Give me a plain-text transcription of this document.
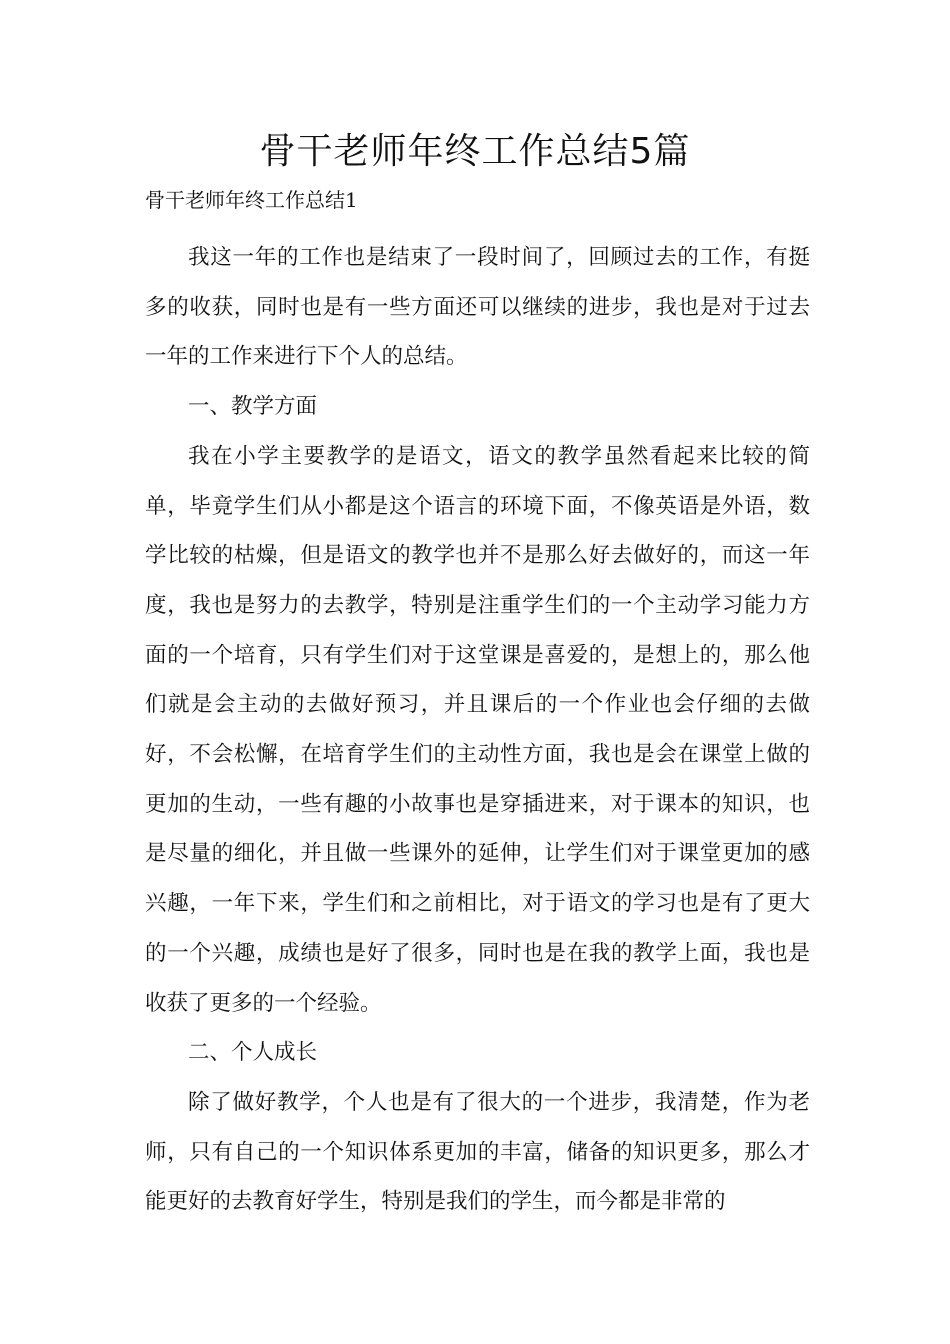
骨干老师年终工作总结5篇

骨干老师年终工作总结1

我这一年的工作也是结束了一段时间了，回顾过去的工作，有挺多的收获，同时也是有一些方面还可以继续的进步，我也是对于过去一年的工作来进行下个人的总结。

一、教学方面

我在小学主要教学的是语文，语文的教学虽然看起来比较的简单，毕竟学生们从小都是这个语言的环境下面，不像英语是外语，数学比较的枯燥，但是语文的教学也并不是那么好去做好的，而这一年度，我也是努力的去教学，特别是注重学生们的一个主动学习能力方面的一个培育，只有学生们对于这堂课是喜爱的，是想上的，那么他们就是会主动的去做好预习，并且课后的一个作业也会仔细的去做好，不会松懈，在培育学生们的主动性方面，我也是会在课堂上做的更加的生动，一些有趣的小故事也是穿插进来，对于课本的知识，也是尽量的细化，并且做一些课外的延伸，让学生们对于课堂更加的感兴趣，一年下来，学生们和之前相比，对于语文的学习也是有了更大的一个兴趣，成绩也是好了很多，同时也是在我的教学上面，我也是收获了更多的一个经验。

二、个人成长

除了做好教学，个人也是有了很大的一个进步，我清楚，作为老师，只有自己的一个知识体系更加的丰富，储备的知识更多，那么才能更好的去教育好学生，特别是我们的学生，而今都是非常的
